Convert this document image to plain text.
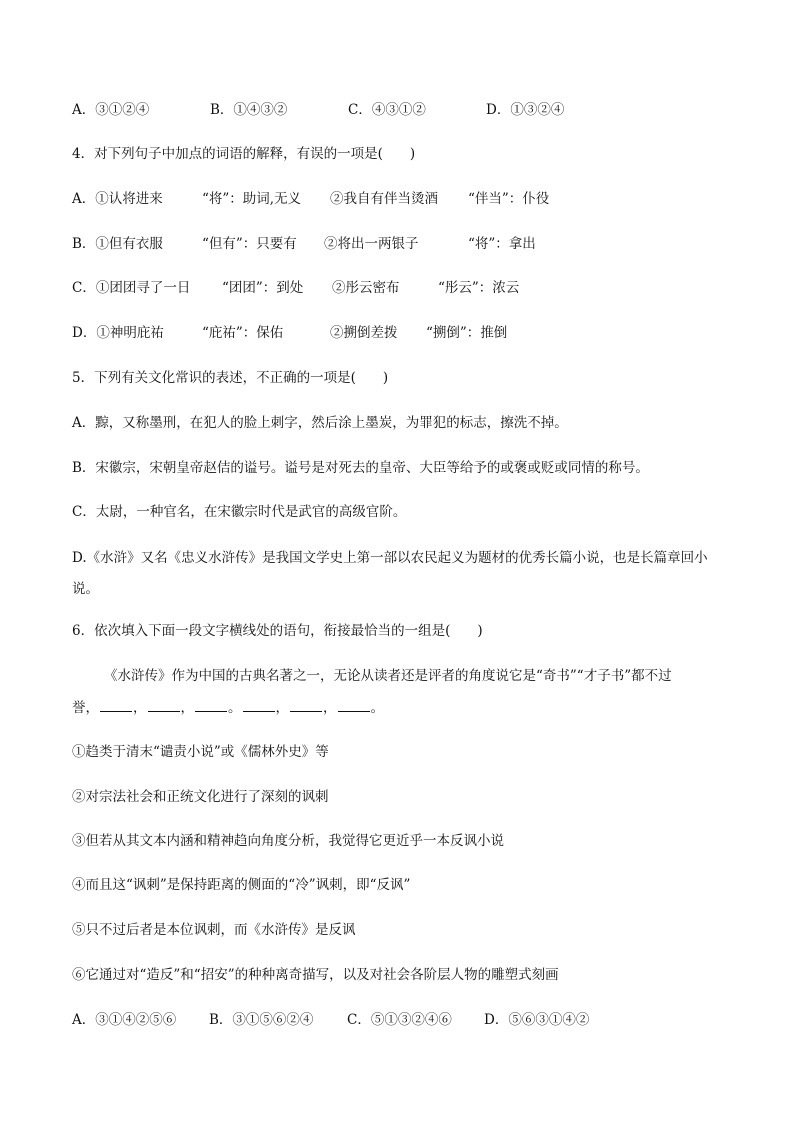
A．③①②④	B．①④③②	C．④③①②	D．①③②④
4．对下列句子中加点的词语的解释，有误的一项是(　　)
A．①认将进来	“将”：助词,无义 ②我自有伴当烫酒 “伴当”：仆役
B．①但有衣服	“但有”：只要有 ②将出一两银子	“将”：拿出
C．①团团寻了一日 “团团”：到处 ②彤云密布	“彤云”：浓云
D．①神明庇祐	“庇祐”：保佑	②搠倒差拨 “搠倒”：推倒
5．下列有关文化常识的表述，不正确的一项是(　　)
A．黥，又称墨刑，在犯人的脸上刺字，然后涂上墨炭，为罪犯的标志，擦洗不掉。
B．宋徽宗，宋朝皇帝赵佶的谥号。谥号是对死去的皇帝、大臣等给予的或褒或贬或同情的称号。
C．太尉，一种官名，在宋徽宗时代是武官的高级官阶。
D.《水浒》又名《忠义水浒传》是我国文学史上第一部以农民起义为题材的优秀长篇小说，也是长篇章回小说。
6．依次填入下面一段文字横线处的语句，衔接最恰当的一组是(　　)
《水浒传》作为中国的古典名著之一，无论从读者还是评者的角度说它是“奇书”“才子书”都不过
誉，	，	，	。	，	，	。
①趋类于清末“谴责小说”或《儒林外史》等
②对宗法社会和正统文化进行了深刻的讽刺
③但若从其文本内涵和精神趋向角度分析，我觉得它更近乎一本反讽小说
④而且这“讽刺”是保持距离的侧面的“冷”讽刺，即“反讽”
⑤只不过后者是本位讽刺，而《水浒传》是反讽
⑥它通过对“造反”和“招安”的种种离奇描写，以及对社会各阶层人物的雕塑式刻画
A．③①④②⑤⑥ B．③①⑤⑥②④ C．⑤①③②④⑥ D．⑤⑥③①④②
